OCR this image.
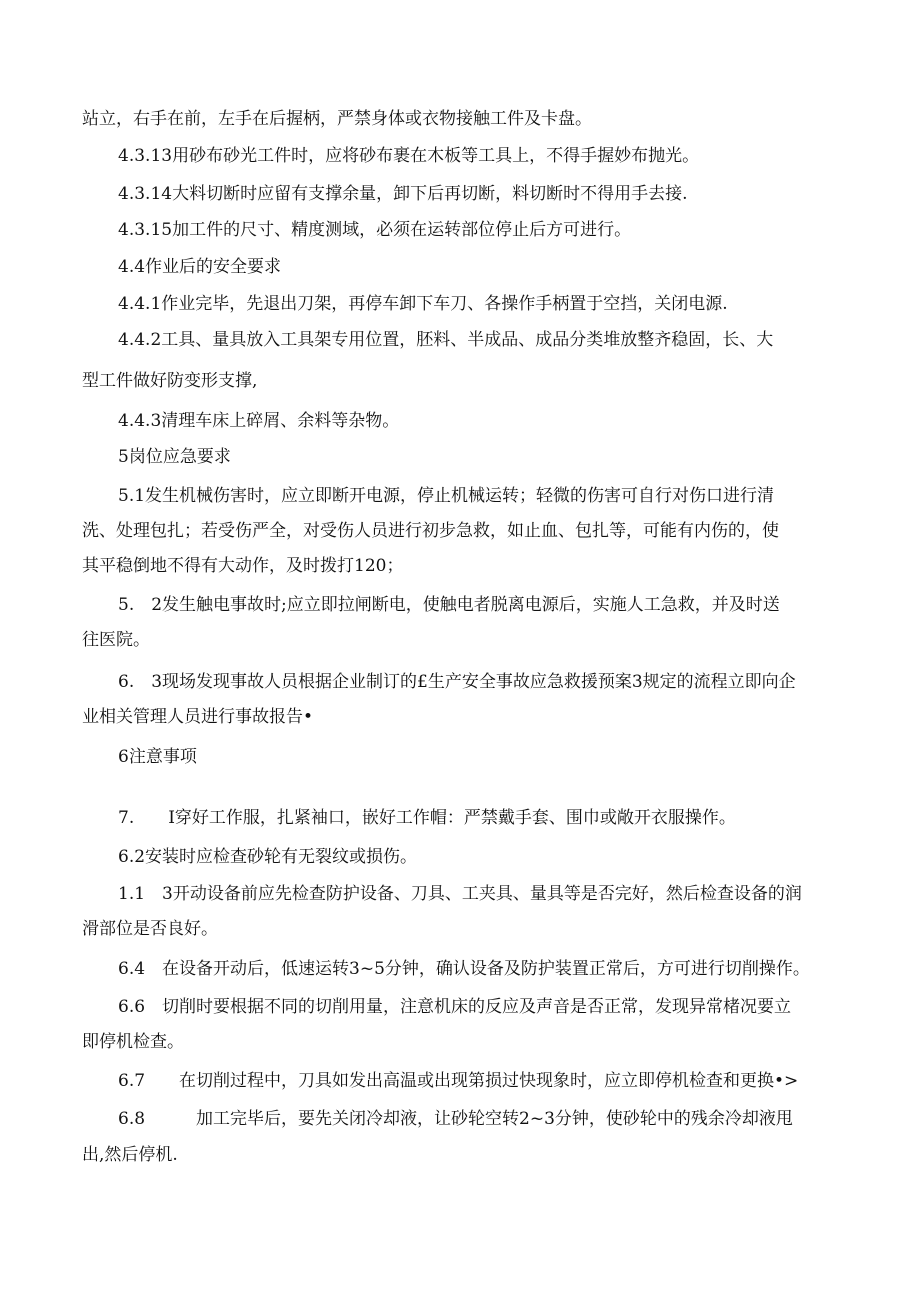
站立，右手在前，左手在后握柄，严禁身体或衣物接触工件及卡盘。

4.3.13用砂布砂光工件时，应将砂布裹在木板等工具上，不得手握妙布抛光。

4.3.14大料切断时应留有支撑余量，卸下后再切断，料切断时不得用手去接.

4.3.15加工件的尺寸、精度测域，必须在运转部位停止后方可进行。

4.4作业后的安全要求

4.4.1作业完毕，先退出刀架，再停车卸下车刀、各操作手柄置于空挡，关闭电源.

4.4.2工具、量具放入工具架专用位置，胚料、半成品、成品分类堆放整齐稳固，长、大

型工件做好防变形支撑,

4.4.3清理车床上碎屑、余料等杂物。

5岗位应急要求

5.1发生机械伤害时，应立即断开电源，停止机械运转；轻微的伤害可自行对伤口进行清

洗、处理包扎；若受伤严全，对受伤人员进行初步急救，如止血、包扎等，可能有内伤的，使

其平稳倒地不得有大动作，及时拨打120；

5.　2发生触电事故时;应立即拉闸断电，使触电者脱离电源后，实施人工急救，并及时送

往医院。

6.　3现场发现事故人员根据企业制订的£生产安全事故应急救援预案3规定的流程立即向企

业相关管理人员进行事故报告•

6注意事项

7.　　I穿好工作服，扎紧袖口，嵌好工作帽：严禁戴手套、围巾或敞开衣服操作。

6.2安装时应检查砂轮有无裂纹或损伤。

1.1　3开动设备前应先检查防护设备、刀具、工夹具、量具等是否完好，然后检查设备的润

滑部位是否良好。

6.4　在设备开动后，低速运转3~5分钟，确认设备及防护装置正常后，方可进行切削操作。

6.6　切削时要根据不同的切削用量，注意机床的反应及声音是否正常，发现异常楮况要立

即停机检查。

6.7　　在切削过程中，刀具如发出高温或出现第损过快现象时，应立即停机检查和更换•>

6.8　　　加工完毕后，要先关闭冷却液，让砂轮空转2~3分钟，使砂轮中的残余冷却液甩

出,然后停机.
